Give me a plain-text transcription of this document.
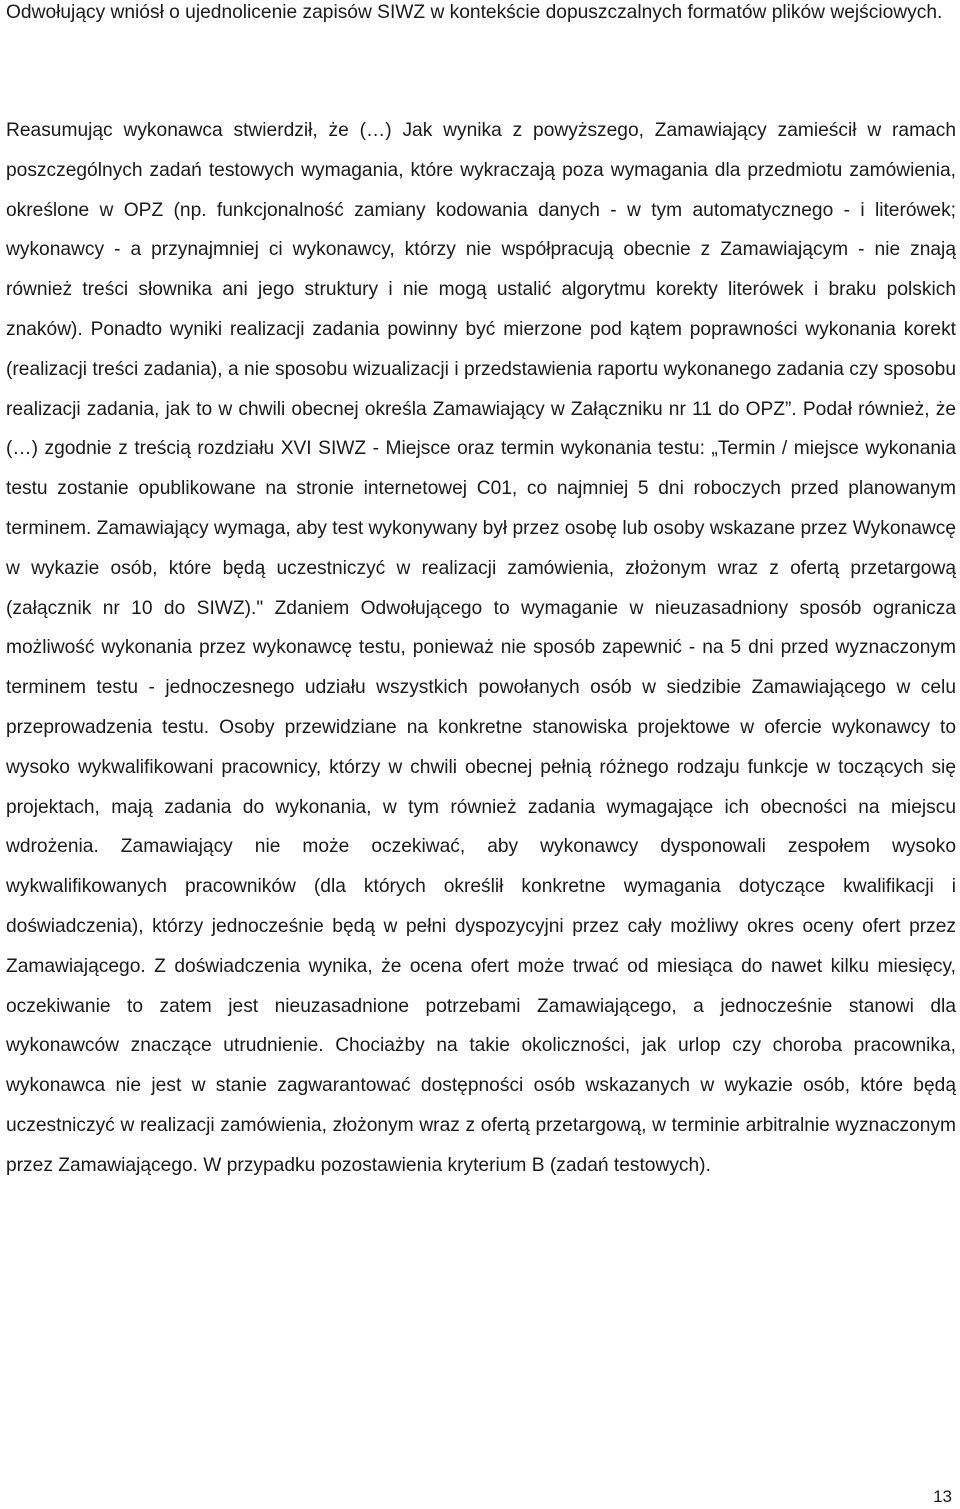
Odwołujący wniósł o ujednolicenie zapisów SIWZ w kontekście dopuszczalnych formatów plików wejściowych.

Reasumując wykonawca stwierdził, że (…) Jak wynika z powyższego, Zamawiający zamieścił w ramach poszczególnych zadań testowych wymagania, które wykraczają poza wymagania dla przedmiotu zamówienia, określone w OPZ (np. funkcjonalność zamiany kodowania danych - w tym automatycznego - i literówek; wykonawcy - a przynajmniej ci wykonawcy, którzy nie współpracują obecnie z Zamawiającym - nie znają również treści słownika ani jego struktury i nie mogą ustalić algorytmu korekty literówek i braku polskich znaków). Ponadto wyniki realizacji zadania powinny być mierzone pod kątem poprawności wykonania korekt (realizacji treści zadania), a nie sposobu wizualizacji i przedstawienia raportu wykonanego zadania czy sposobu realizacji zadania, jak to w chwili obecnej określa Zamawiający w Załączniku nr 11 do OPZ”. Podał również, że (…) zgodnie z treścią rozdziału XVI SIWZ - Miejsce oraz termin wykonania testu: „Termin / miejsce wykonania testu zostanie opublikowane na stronie internetowej C01, co najmniej 5 dni roboczych przed planowanym terminem. Zamawiający wymaga, aby test wykonywany był przez osobę lub osoby wskazane przez Wykonawcę w wykazie osób, które będą uczestniczyć w realizacji zamówienia, złożonym wraz z ofertą przetargową (załącznik nr 10 do SIWZ)." Zdaniem Odwołującego to wymaganie w nieuzasadniony sposób ogranicza możliwość wykonania przez wykonawcę testu, ponieważ nie sposób zapewnić - na 5 dni przed wyznaczonym terminem testu - jednoczesnego udziału wszystkich powołanych osób w siedzibie Zamawiającego w celu przeprowadzenia testu. Osoby przewidziane na konkretne stanowiska projektowe w ofercie wykonawcy to wysoko wykwalifikowani pracownicy, którzy w chwili obecnej pełnią różnego rodzaju funkcje w toczących się projektach, mają zadania do wykonania, w tym również zadania wymagające ich obecności na miejscu wdrożenia. Zamawiający nie może oczekiwać, aby wykonawcy dysponowali zespołem wysoko wykwalifikowanych pracowników (dla których określił konkretne wymagania dotyczące kwalifikacji i doświadczenia), którzy jednocześnie będą w pełni dyspozycyjni przez cały możliwy okres oceny ofert przez Zamawiającego. Z doświadczenia wynika, że ocena ofert może trwać od miesiąca do nawet kilku miesięcy, oczekiwanie to zatem jest nieuzasadnione potrzebami Zamawiającego, a jednocześnie stanowi dla wykonawców znaczące utrudnienie. Chociażby na takie okoliczności, jak urlop czy choroba pracownika, wykonawca nie jest w stanie zagwarantować dostępności osób wskazanych w wykazie osób, które będą uczestniczyć w realizacji zamówienia, złożonym wraz z ofertą przetargową, w terminie arbitralnie wyznaczonym przez Zamawiającego. W przypadku pozostawienia kryterium B (zadań testowych).

13
